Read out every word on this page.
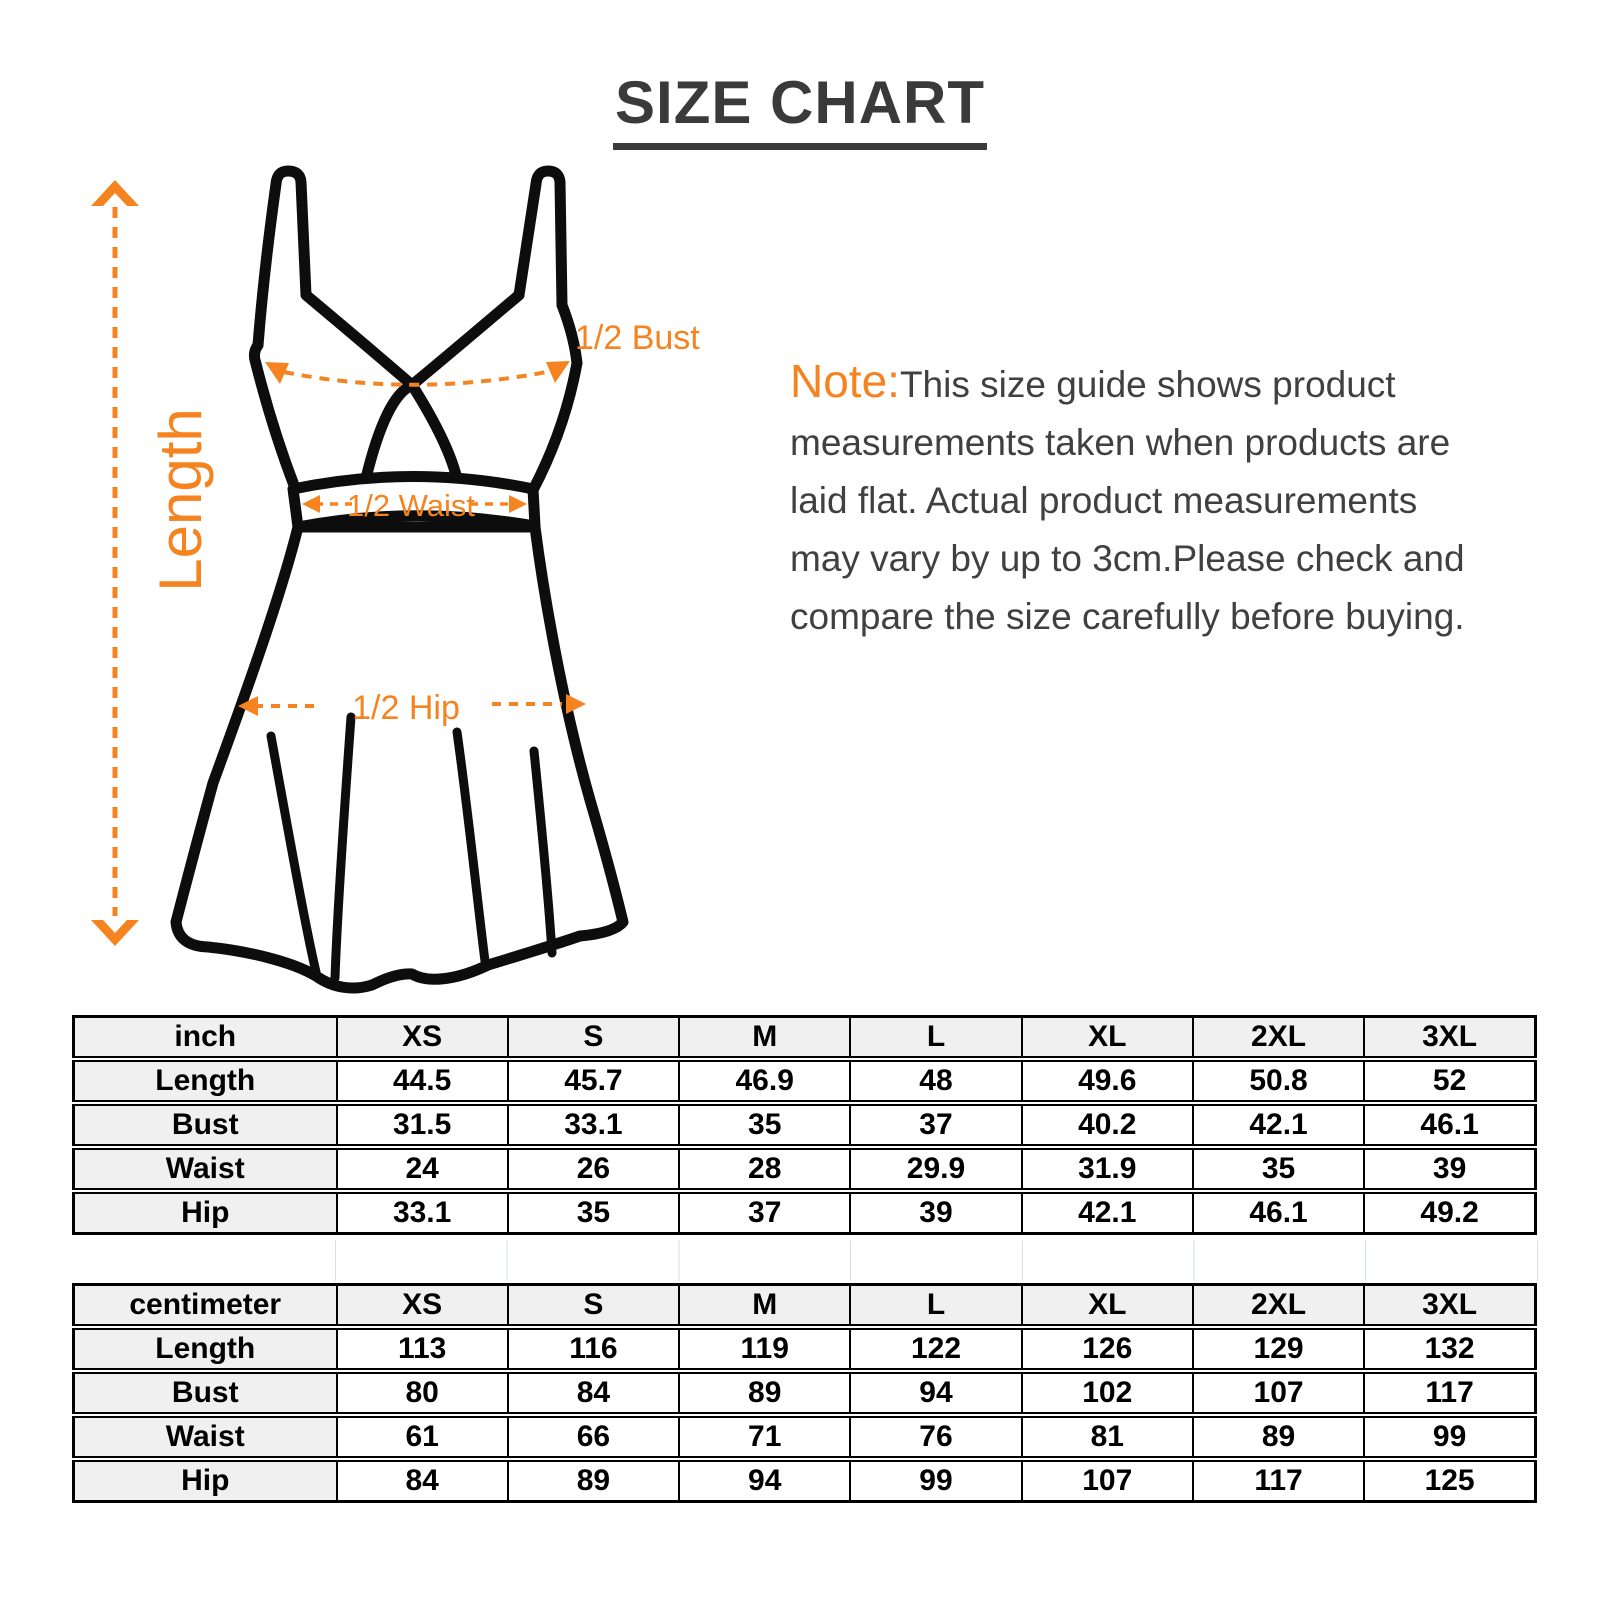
SIZE CHART
Length
1/2 Bust
1/2 Waist
1/2 Hip
Note:This size guide shows product measurements taken when products are laid flat. Actual product measurements may vary by up to 3cm.Please check and compare the size carefully before buying.
inch	XS	S	M	L	XL	2XL	3XL
Length	44.5	45.7	46.9	48	49.6	50.8	52
Bust	31.5	33.1	35	37	40.2	42.1	46.1
Waist	24	26	28	29.9	31.9	35	39
Hip	33.1	35	37	39	42.1	46.1	49.2
centimeter	XS	S	M	L	XL	2XL	3XL
Length	113	116	119	122	126	129	132
Bust	80	84	89	94	102	107	117
Waist	61	66	71	76	81	89	99
Hip	84	89	94	99	107	117	125
